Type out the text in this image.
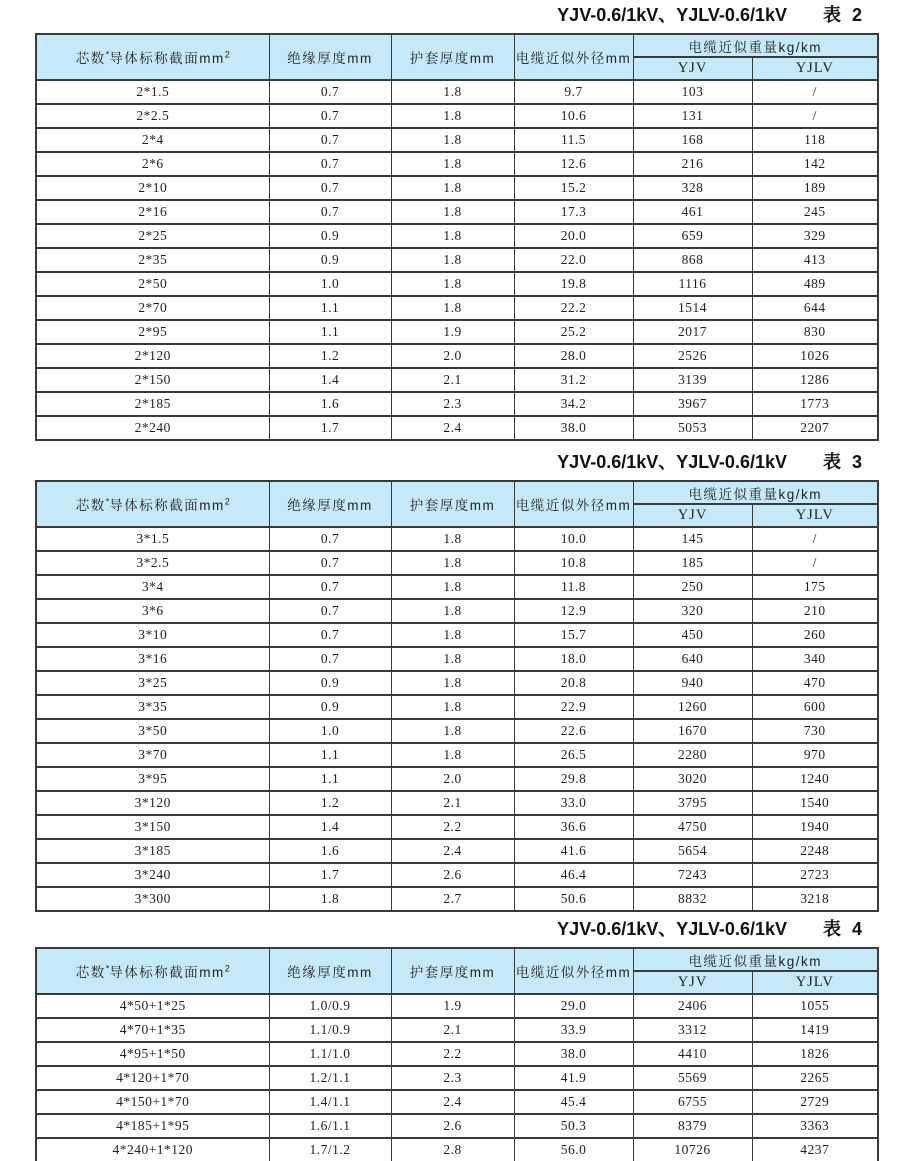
YJV-0.6/1kV、YJLV-0.6/1kV 表 2
芯数*导体标称截面$mm^2$	绝缘厚度mm	护套厚度mm	电缆近似外径mm	电缆近似重量kg/km	
				YJV	YJLV
2*1.5	0.7	1.8	9.7	103	/
2*2.5	0.7	1.8	10.6	131	/
2*4	0.7	1.8	11.5	168	118
2*6	0.7	1.8	12.6	216	142
2*10	0.7	1.8	15.2	328	189
2*16	0.7	1.8	17.3	461	245
2*25	0.9	1.8	20.0	659	329
2*35	0.9	1.8	22.0	868	413
2*50	1.0	1.8	19.8	1116	489
2*70	1.1	1.8	22.2	1514	644
2*95	1.1	1.9	25.2	2017	830
2*120	1.2	2.0	28.0	2526	1026
2*150	1.4	2.1	31.2	3139	1286
2*185	1.6	2.3	34.2	3967	1773
2*240	1.7	2.4	38.0	5053	2207
YJV-0.6/1kV、YJLV-0.6/1kV 表 3
芯数*导体标称截面$mm^2$	绝缘厚度mm	护套厚度mm	电缆近似外径mm	电缆近似重量kg/km	
				YJV	YJLV
3*1.5	0.7	1.8	10.0	145	/
3*2.5	0.7	1.8	10.8	185	/
3*4	0.7	1.8	11.8	250	175
3*6	0.7	1.8	12.9	320	210
3*10	0.7	1.8	15.7	450	260
3*16	0.7	1.8	18.0	640	340
3*25	0.9	1.8	20.8	940	470
3*35	0.9	1.8	22.9	1260	600
3*50	1.0	1.8	22.6	1670	730
3*70	1.1	1.8	26.5	2280	970
3*95	1.1	2.0	29.8	3020	1240
3*120	1.2	2.1	33.0	3795	1540
3*150	1.4	2.2	36.6	4750	1940
3*185	1.6	2.4	41.6	5654	2248
3*240	1.7	2.6	46.4	7243	2723
3*300	1.8	2.7	50.6	8832	3218
YJV-0.6/1kV、YJLV-0.6/1kV 表 4
芯数*导体标称截面$mm^2$	绝缘厚度mm	护套厚度mm	电缆近似外径mm	电缆近似重量kg/km	
				YJV	YJLV
4*50+1*25	1.0/0.9	1.9	29.0	2406	1055
4*70+1*35	1.1/0.9	2.1	33.9	3312	1419
4*95+1*50	1.1/1.0	2.2	38.0	4410	1826
4*120+1*70	1.2/1.1	2.3	41.9	5569	2265
4*150+1*70	1.4/1.1	2.4	45.4	6755	2729
4*185+1*95	1.6/1.1	2.6	50.3	8379	3363
4*240+1*120	1.7/1.2	2.8	56.0	10726	4237
